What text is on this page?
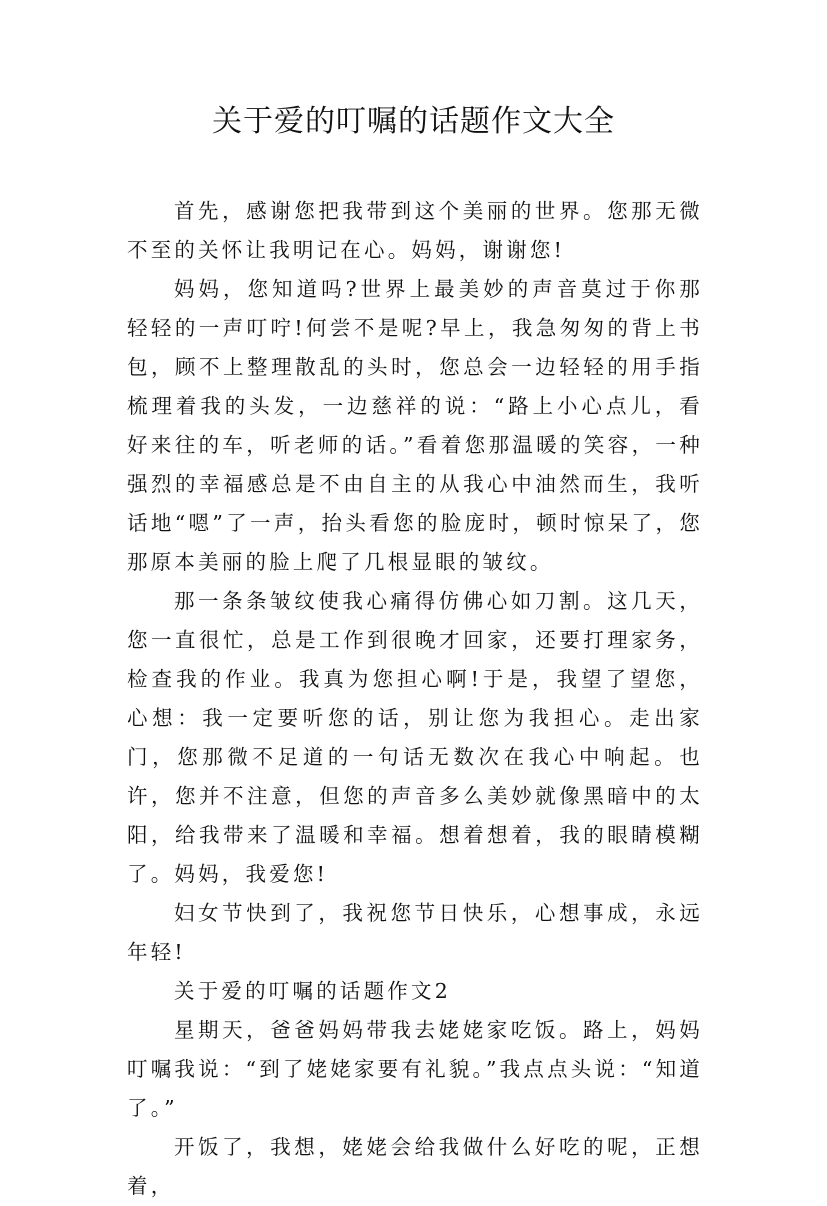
关于爱的叮嘱的话题作文大全

首先，感谢您把我带到这个美丽的世界。您那无微不至的关怀让我明记在心。妈妈，谢谢您!

妈妈，您知道吗?世界上最美妙的声音莫过于你那轻轻的一声叮咛!何尝不是呢?早上，我急匆匆的背上书包，顾不上整理散乱的头时，您总会一边轻轻的用手指梳理着我的头发，一边慈祥的说：“路上小心点儿，看好来往的车，听老师的话。”看着您那温暖的笑容，一种强烈的幸福感总是不由自主的从我心中油然而生，我听话地“嗯”了一声，抬头看您的脸庞时，顿时惊呆了，您那原本美丽的脸上爬了几根显眼的皱纹。

那一条条皱纹使我心痛得仿佛心如刀割。这几天，您一直很忙，总是工作到很晚才回家，还要打理家务，检查我的作业。我真为您担心啊!于是，我望了望您，心想：我一定要听您的话，别让您为我担心。走出家门，您那微不足道的一句话无数次在我心中响起。也许，您并不注意，但您的声音多么美妙就像黑暗中的太阳，给我带来了温暖和幸福。想着想着，我的眼睛模糊了。妈妈，我爱您!

妇女节快到了，我祝您节日快乐，心想事成，永远年轻!

关于爱的叮嘱的话题作文2

星期天，爸爸妈妈带我去姥姥家吃饭。路上，妈妈叮嘱我说：“到了姥姥家要有礼貌。”我点点头说：“知道了。”

开饭了，我想，姥姥会给我做什么好吃的呢，正想着，
